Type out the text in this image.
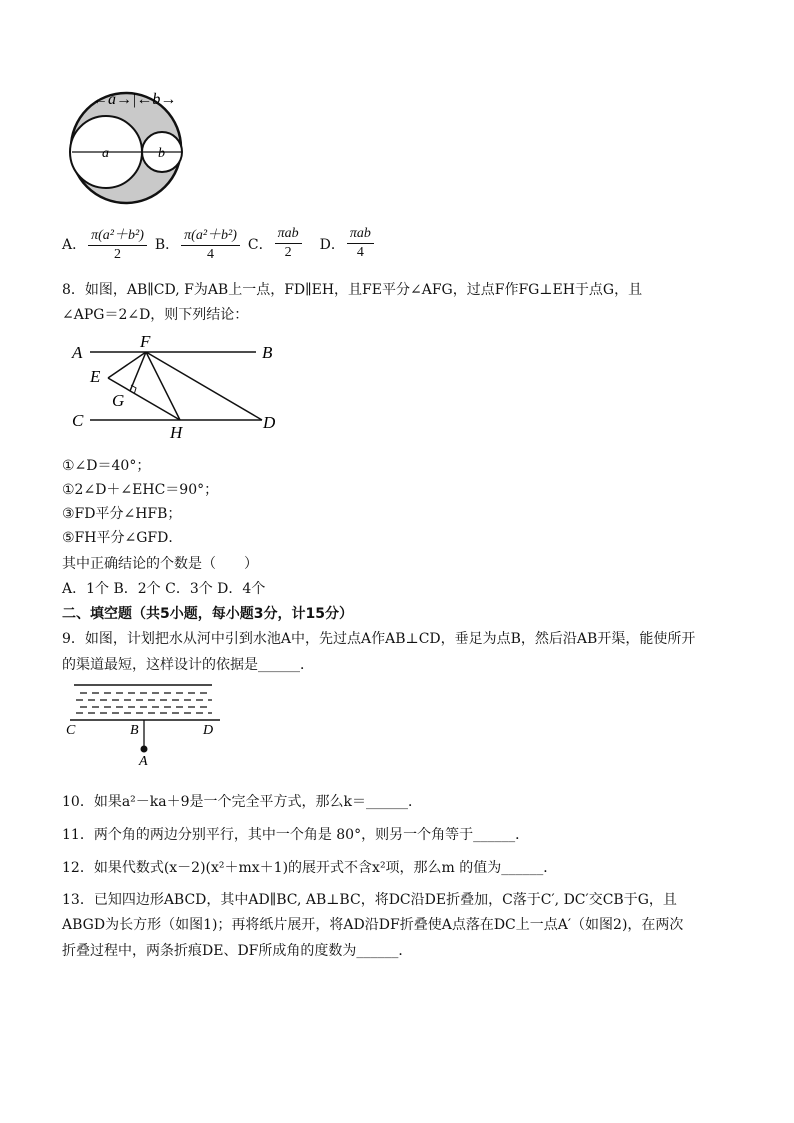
←a→|←b→
a	b
A． $\frac{\text{π(a²＋b²)}}{2}$ B． $\frac{\text{π(a²＋b²)}}{4}$ C． $\frac{\text{πab}}{2}$ D． $\frac{\text{πab}}{4}$
8．如图，AB∥CD, F为AB上一点，FD∥EH，且FE平分∠AFG，过点F作FG⊥EH于点G，且
∠APG＝2∠D，则下列结论：
A	B
F
E
G
C
H
D
①∠D＝40°；
①2∠D＋∠EHC＝90°；
③FD平分∠HFB；
⑤FH平分∠GFD．
其中正确结论的个数是（　　）
A．1个 B．2个 C．3个 D．4个
二、填空题（共5小题，每小题3分，计15分）
9．如图，计划把水从河中引到水池A中，先过点A作AB⊥CD，垂足为点B，然后沿AB开渠，能使所开
的渠道最短，这样设计的依据是______．
C	B	D
A
10．如果a²－ka＋9是一个完全平方式，那么k＝______．
11．两个角的两边分别平行，其中一个角是 80°，则另一个角等于______．
12．如果代数式(x－2)(x²＋mx＋1)的展开式不含x²项，那么m 的值为______．
13．已知四边形ABCD，其中AD∥BC, AB⊥BC，将DC沿DE折叠加，C落于C′, DC′交CB于G，且
ABGD为长方形（如图1)；再将纸片展开，将AD沿DF折叠使A点落在DC上一点A′（如图2)，在两次
折叠过程中，两条折痕DE、DF所成角的度数为______．
